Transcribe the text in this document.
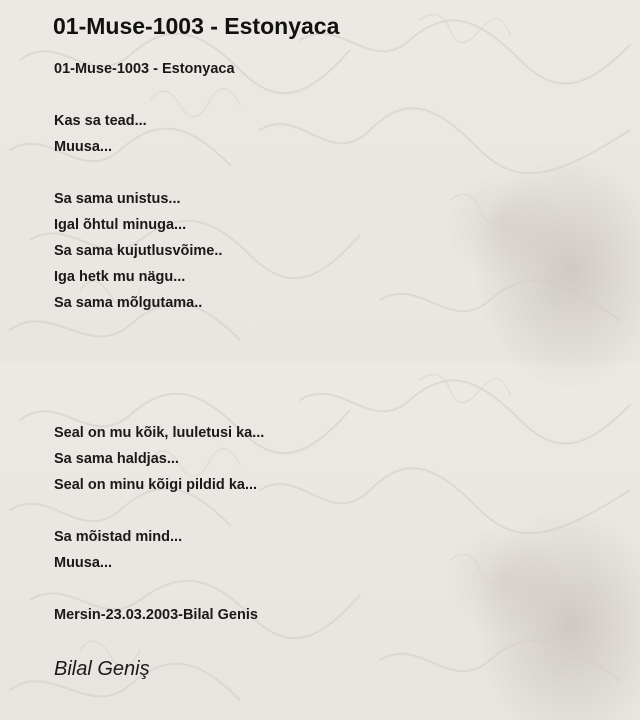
01-Muse-1003 - Estonyaca
01-Muse-1003 - Estonyaca
Kas sa tead...
Muusa...
Sa sama unistus...
Igal õhtul minuga...
Sa sama kujutlusvõime..
Iga hetk mu nägu...
Sa sama mõlgutama..
Seal on mu kõik, luuletusi ka...
Sa sama haldjas...
Seal on minu kõigi pildid ka...
Sa mõistad mind...
Muusa...
Mersin-23.03.2003-Bilal Genis
Bilal Geniş
